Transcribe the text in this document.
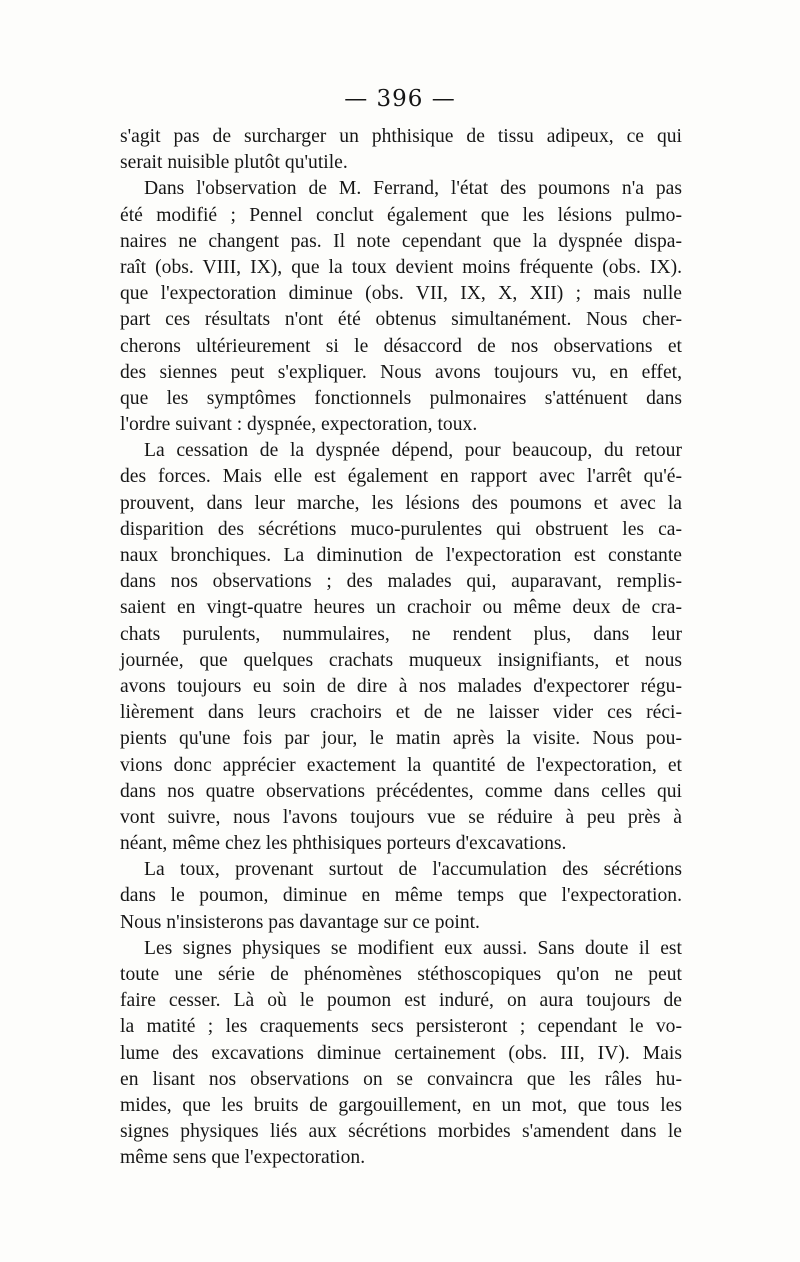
— 396 —
s'agit pas de surcharger un phthisique de tissu adipeux, ce qui
serait nuisible plutôt qu'utile.
Dans l'observation de M. Ferrand, l'état des poumons n'a pas
été modifié ; Pennel conclut également que les lésions pulmo-
naires ne changent pas. Il note cependant que la dyspnée dispa-
raît (obs. VIII, IX), que la toux devient moins fréquente (obs. IX).
que l'expectoration diminue (obs. VII, IX, X, XII) ; mais nulle
part ces résultats n'ont été obtenus simultanément. Nous cher-
cherons ultérieurement si le désaccord de nos observations et
des siennes peut s'expliquer. Nous avons toujours vu, en effet,
que les symptômes fonctionnels pulmonaires s'atténuent dans
l'ordre suivant : dyspnée, expectoration, toux.
La cessation de la dyspnée dépend, pour beaucoup, du retour
des forces. Mais elle est également en rapport avec l'arrêt qu'é-
prouvent, dans leur marche, les lésions des poumons et avec la
disparition des sécrétions muco-purulentes qui obstruent les ca-
naux bronchiques. La diminution de l'expectoration est constante
dans nos observations ; des malades qui, auparavant, remplis-
saient en vingt-quatre heures un crachoir ou même deux de cra-
chats purulents, nummulaires, ne rendent plus, dans leur
journée, que quelques crachats muqueux insignifiants, et nous
avons toujours eu soin de dire à nos malades d'expectorer régu-
lièrement dans leurs crachoirs et de ne laisser vider ces réci-
pients qu'une fois par jour, le matin après la visite. Nous pou-
vions donc apprécier exactement la quantité de l'expectoration, et
dans nos quatre observations précédentes, comme dans celles qui
vont suivre, nous l'avons toujours vue se réduire à peu près à
néant, même chez les phthisiques porteurs d'excavations.
La toux, provenant surtout de l'accumulation des sécrétions
dans le poumon, diminue en même temps que l'expectoration.
Nous n'insisterons pas davantage sur ce point.
Les signes physiques se modifient eux aussi. Sans doute il est
toute une série de phénomènes stéthoscopiques qu'on ne peut
faire cesser. Là où le poumon est induré, on aura toujours de
la matité ; les craquements secs persisteront ; cependant le vo-
lume des excavations diminue certainement (obs. III, IV). Mais
en lisant nos observations on se convaincra que les râles hu-
mides, que les bruits de gargouillement, en un mot, que tous les
signes physiques liés aux sécrétions morbides s'amendent dans le
même sens que l'expectoration.
